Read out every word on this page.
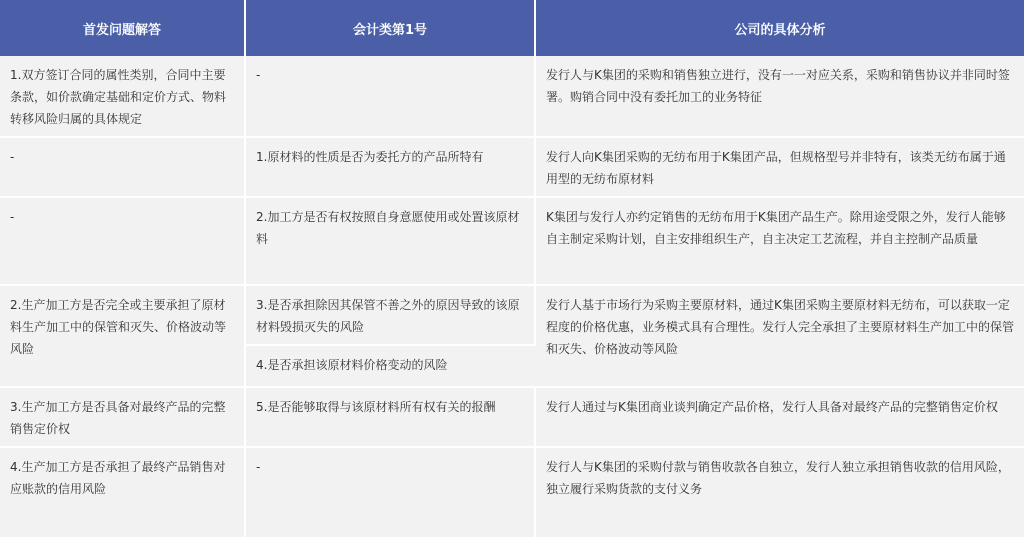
首发问题解答	会计类第1号	公司的具体分析
1.双方签订合同的属性类别，合同中主要条款，如价款确定基础和定价方式、物料转移风险归属的具体规定	-	发行人与K集团的采购和销售独立进行，没有一一对应关系，采购和销售协议并非同时签署。购销合同中没有委托加工的业务特征
-	1.原材料的性质是否为委托方的产品所特有	发行人向K集团采购的无纺布用于K集团产品，但规格型号并非特有，该类无纺布属于通用型的无纺布原材料
-	2.加工方是否有权按照自身意愿使用或处置该原材料	K集团与发行人亦约定销售的无纺布用于K集团产品生产。除用途受限之外，发行人能够自主制定采购计划，自主安排组织生产，自主决定工艺流程，并自主控制产品质量
2.生产加工方是否完全或主要承担了原材料生产加工中的保管和灭失、价格波动等风险	3.是否承担除因其保管不善之外的原因导致的该原材料毁损灭失的风险	发行人基于市场行为采购主要原材料，通过K集团采购主要原材料无纺布，可以获取一定程度的价格优惠，业务模式具有合理性。发行人完全承担了主要原材料生产加工中的保管和灭失、价格波动等风险
	4.是否承担该原材料价格变动的风险	
3.生产加工方是否具备对最终产品的完整销售定价权	5.是否能够取得与该原材料所有权有关的报酬	发行人通过与K集团商业谈判确定产品价格，发行人具备对最终产品的完整销售定价权
4.生产加工方是否承担了最终产品销售对应账款的信用风险	-	发行人与K集团的采购付款与销售收款各自独立，发行人独立承担销售收款的信用风险，独立履行采购货款的支付义务
